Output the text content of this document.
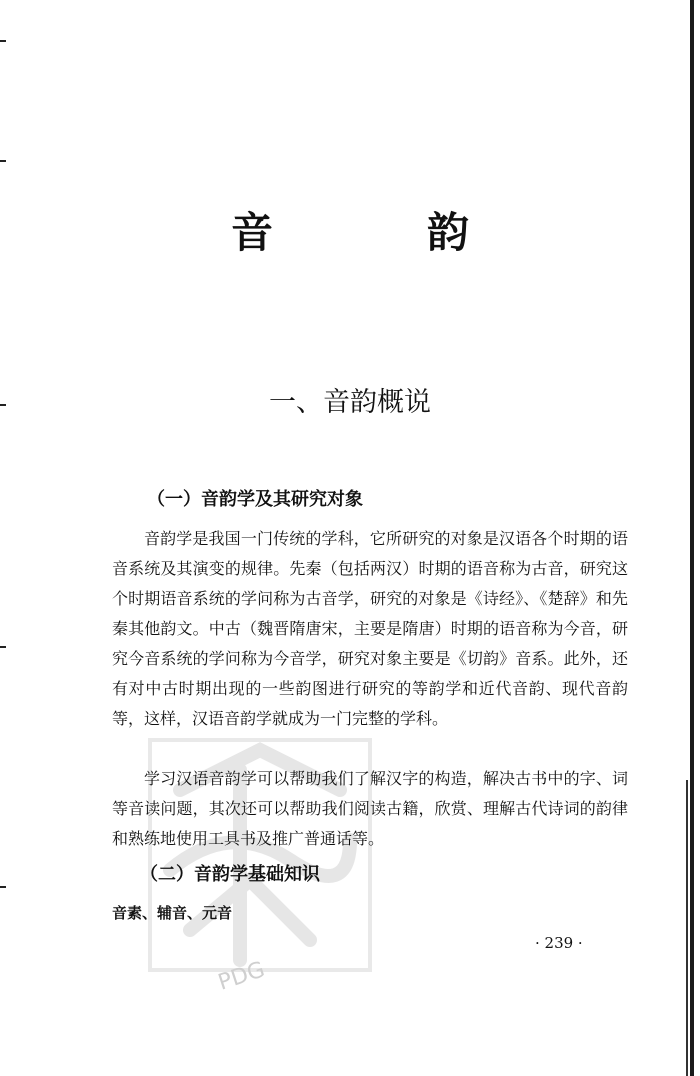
PDG
音　韵
一、音韵概说
（一）音韵学及其研究对象

音韵学是我国一门传统的学科，它所研究的对象是汉语各个时期的语音系统及其演变的规律。先秦（包括两汉）时期的语音称为古音，研究这个时期语音系统的学问称为古音学，研究的对象是《诗经》、《楚辞》和先秦其他韵文。中古（魏晋隋唐宋，主要是隋唐）时期的语音称为今音，研究今音系统的学问称为今音学，研究对象主要是《切韵》音系。此外，还有对中古时期出现的一些韵图进行研究的等韵学和近代音韵、现代音韵等，这样，汉语音韵学就成为一门完整的学科。

学习汉语音韵学可以帮助我们了解汉字的构造，解决古书中的字、词等音读问题，其次还可以帮助我们阅读古籍，欣赏、理解古代诗词的韵律和熟练地使用工具书及推广普通话等。

（二）音韵学基础知识
音素、辅音、元音
· 239 ·
